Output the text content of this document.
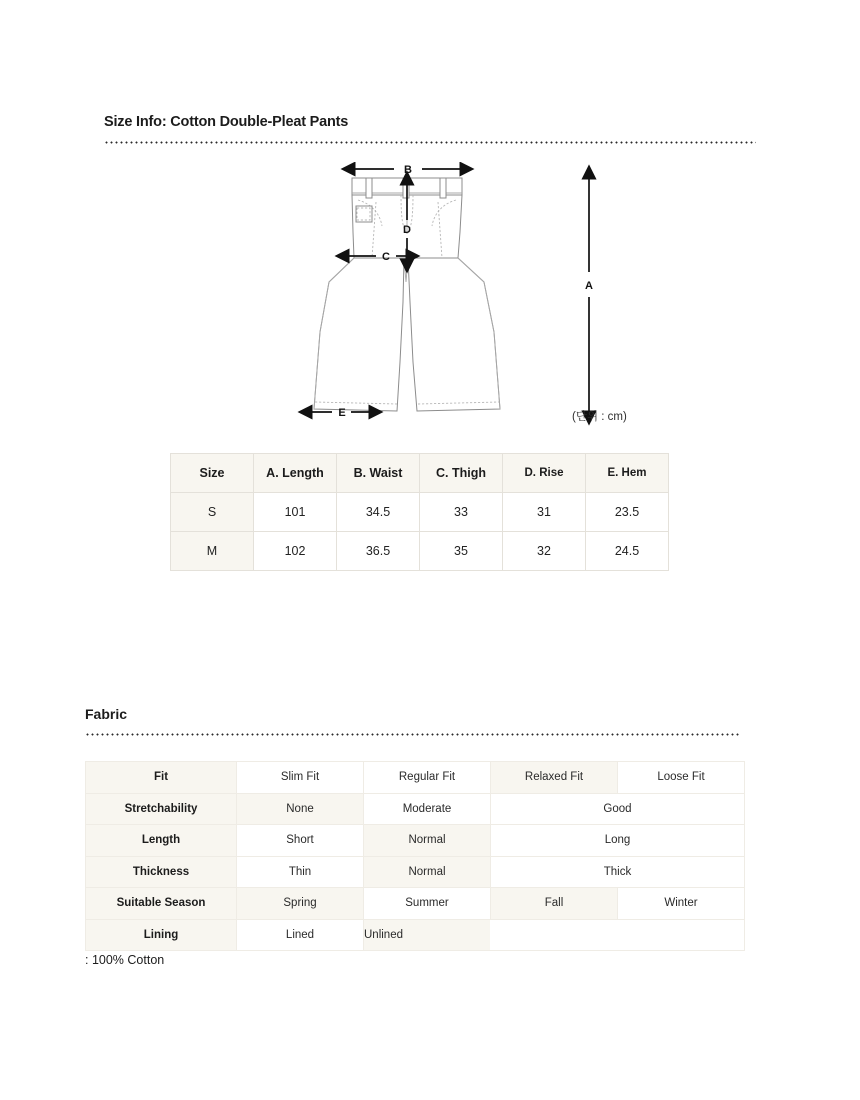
Size Info: Cotton Double-Pleat Pants
B
A
D
C
E	(단위 : cm)
Size	A. Length	B. Waist	C. Thigh	D. Rise	E. Hem
S	101	34.5	33	31	23.5
M	102	36.5	35	32	24.5
Fabric
Fit	Slim Fit	Regular Fit	Relaxed Fit	Loose Fit
Stretchability	None	Moderate	Good	
Length	Short	Normal	Long	
Thickness	Thin	Normal	Thick	
Suitable Season	Spring	Summer	Fall	Winter
Lining	Lined	Unlined		
: 100% Cotton
